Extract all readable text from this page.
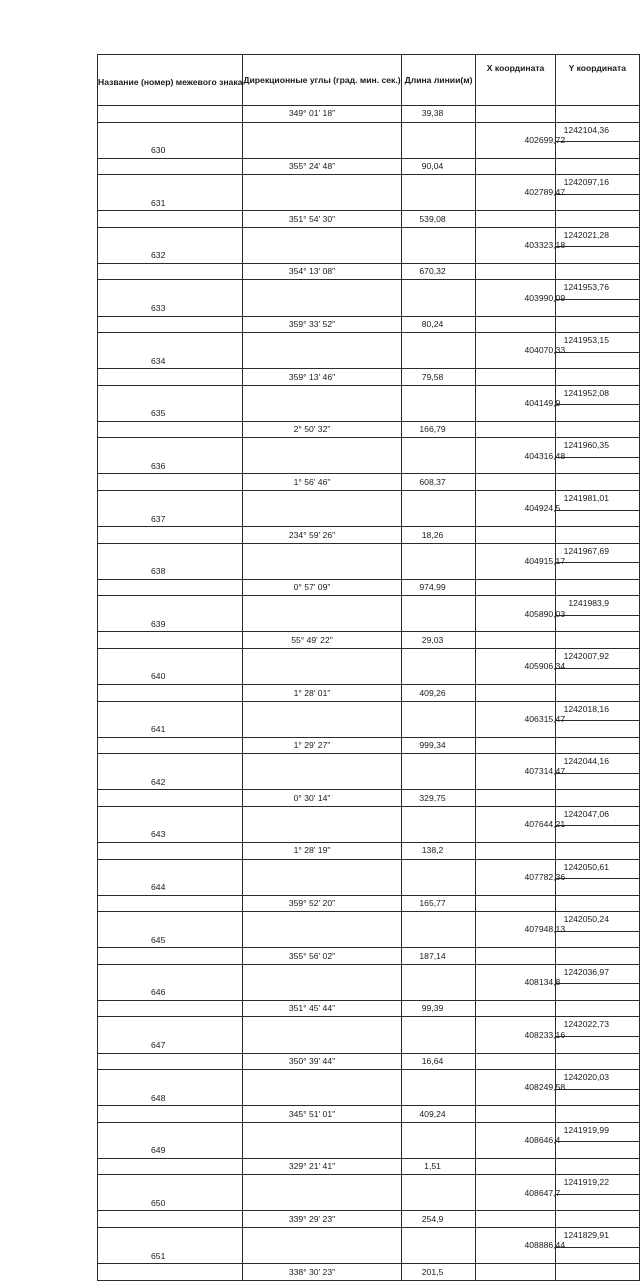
Название (номер) межевого знака	Дирекционные углы (град. мин. сек.)	Длина линии(м)	X координата	Y координата

	349° 01' 18"	39,38		
630			402699,72	1242104,36

	355° 24' 48"	90,04		
631			402789,47	1242097,16

	351° 54' 30"	539,08		
632			403323,18	1242021,28

	354° 13' 08"	670,32		
633			403990,09	1241953,76

	359° 33' 52"	80,24		
634			404070,33	1241953,15

	359° 13' 46"	79,58		
635			404149,9	1241952,08

	2° 50' 32"	166,79		
636			404316,48	1241960,35

	1° 56' 46"	608,37		
637			404924,5	1241981,01

	234° 59' 26"	18,26		
638			404915,17	1241967,69

	0° 57' 09"	974,99		
639			405890,03	1241983,9

	55° 49' 22"	29,03		
640			405906,34	1242007,92

	1° 28' 01"	409,26		
641			406315,47	1242018,16

	1° 29' 27"	999,34		
642			407314,47	1242044,16

	0° 30' 14"	329,75		
643			407644,21	1242047,06

	1° 28' 19"	138,2		
644			407782,36	1242050,61

	359° 52' 20"	165,77		
645			407948,13	1242050,24

	355° 56' 02"	187,14		
646			408134,8	1242036,97

	351° 45' 44"	99,39		
647			408233,16	1242022,73

	350° 39' 44"	16,64		
648			408249,58	1242020,03

	345° 51' 01"	409,24		
649			408646,4	1241919,99

	329° 21' 41"	1,51		
650			408647,7	1241919,22

	339° 29' 23"	254,9		
651			408886,44	1241829,91

	338° 30' 23"	201,5		
